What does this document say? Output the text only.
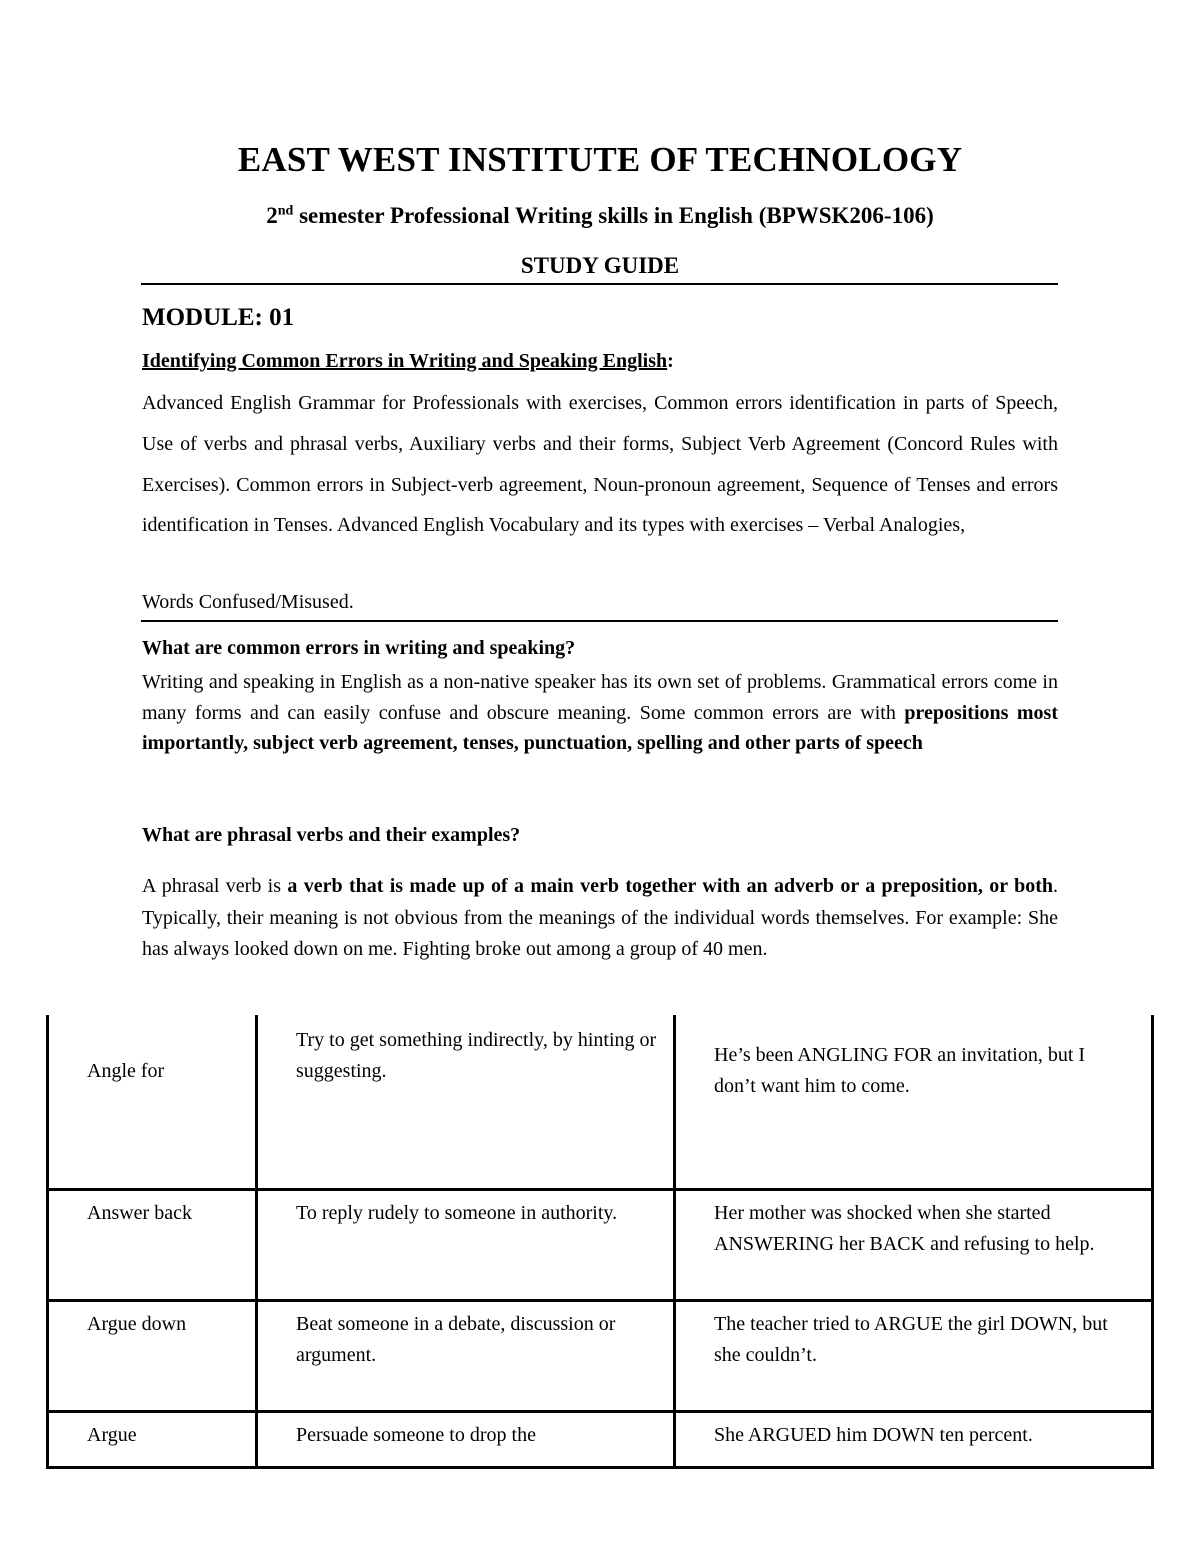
EAST WEST INSTITUTE OF TECHNOLOGY
2nd semester Professional Writing skills in English (BPWSK206-106)
STUDY GUIDE
MODULE: 01
Identifying Common Errors in Writing and Speaking English:
Advanced English Grammar for Professionals with exercises, Common errors identification in parts of Speech, Use of verbs and phrasal verbs, Auxiliary verbs and their forms, Subject Verb Agreement (Concord Rules with Exercises). Common errors in Subject-verb agreement, Noun-pronoun agreement, Sequence of Tenses and errors identification in Tenses. Advanced English Vocabulary and its types with exercises – Verbal Analogies,
Words Confused/Misused.
What are common errors in writing and speaking?
Writing and speaking in English as a non-native speaker has its own set of problems. Grammatical errors come in many forms and can easily confuse and obscure meaning. Some common errors are with prepositions most importantly, subject verb agreement, tenses, punctuation, spelling and other parts of speech
What are phrasal verbs and their examples?
A phrasal verb is a verb that is made up of a main verb together with an adverb or a preposition, or both. Typically, their meaning is not obvious from the meanings of the individual words themselves. For example: She has always looked down on me. Fighting broke out among a group of 40 men.
Angle for	Try to get something indirectly, by hinting or suggesting.	He’s been ANGLING FOR an invitation, but I don’t want him to come.

Answer back	To reply rudely to someone in authority.	Her mother was shocked when she started ANSWERING her BACK and refusing to help.

Argue down	Beat someone in a debate, discussion or argument.	The teacher tried to ARGUE the girl DOWN, but she couldn’t.

Argue	Persuade someone to drop the	She ARGUED him DOWN ten percent.
